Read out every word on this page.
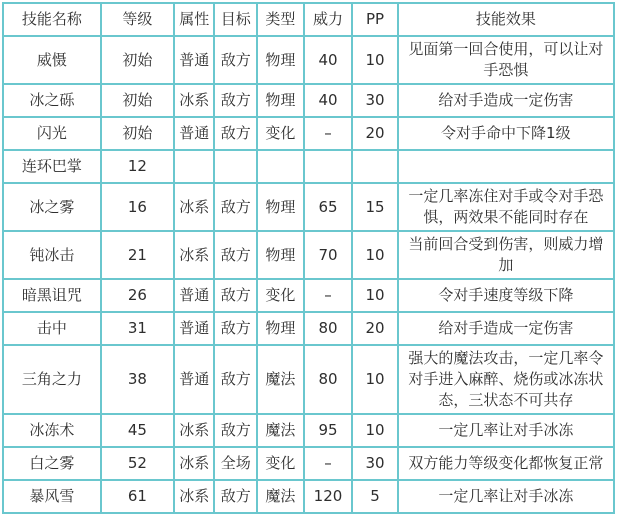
技能名称	等级	属性	目标	类型	威力	PP	技能效果
威慑	初始	普通	敌方	物理	40	10	见面第一回合使用，可以让对手恐惧
冰之砾	初始	冰系	敌方	物理	40	30	给对手造成一定伤害
闪光	初始	普通	敌方	变化	–	20	令对手命中下降1级
连环巴掌	12						
冰之雾	16	冰系	敌方	物理	65	15	一定几率冻住对手或令对手恐惧，两效果不能同时存在
钝冰击	21	冰系	敌方	物理	70	10	当前回合受到伤害，则威力增加
暗黑诅咒	26	普通	敌方	变化	–	10	令对手速度等级下降
击中	31	普通	敌方	物理	80	20	给对手造成一定伤害
三角之力	38	普通	敌方	魔法	80	10	强大的魔法攻击，一定几率令对手进入麻醉、烧伤或冰冻状态，三状态不可共存
冰冻术	45	冰系	敌方	魔法	95	10	一定几率让对手冰冻
白之雾	52	冰系	全场	变化	–	30	双方能力等级变化都恢复正常
暴风雪	61	冰系	敌方	魔法	120	5	一定几率让对手冰冻
